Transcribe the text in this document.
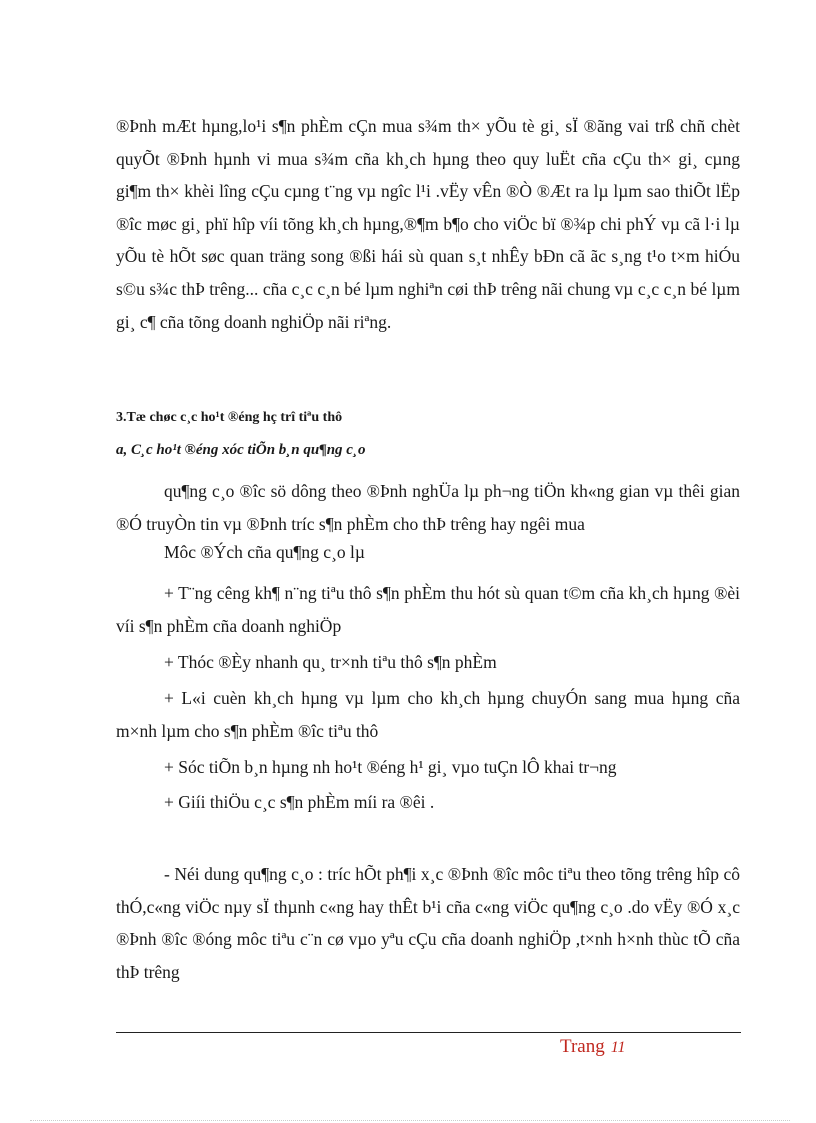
®Þnh mÆt hµng,lo¹i s¶n phÈm cÇn mua s¾m th× yÕu tè gi¸ sÏ ®ãng vai trß chñ chèt quyÕt ®Þnh hµnh vi mua s¾m cña kh¸ch hµng theo quy luËt cña cÇu th× gi¸ cµng gi¶m th× khèi lîng cÇu cµng t¨ng vµ ngîc l¹i .vËy vÊn ®Ò ®Æt ra lµ lµm sao thiÕt lËp ®îc møc gi¸ phï hîp víi tõng kh¸ch hµng,®¶m b¶o cho viÖc bï ®¾p chi phÝ vµ cã l·i lµ yÕu tè hÕt søc quan träng song ®ßi hái sù quan s¸t nhÊy bÐn cã ãc s¸ng t¹o t×m hiÓu s©u s¾c thÞ trêng... cña c¸c c¸n bé lµm nghiªn cøi thÞ trêng nãi chung vµ c¸c c¸n bé lµm gi¸ c¶ cña tõng doanh nghiÖp nãi riªng.

3.Tæ chøc c¸c ho¹t ®éng hç trî tiªu thô
a, C¸c ho¹t ®éng xóc tiÕn b¸n qu¶ng c¸o

qu¶ng c¸o ®îc sö dông theo ®Þnh nghÜa lµ ph¬ng tiÖn kh«ng gian vµ thêi gian ®Ó truyÒn tin vµ ®Þnh tríc s¶n phÈm cho thÞ trêng hay ngêi mua

Môc ®Ých cña qu¶ng c¸o lµ

+ T¨ng cêng kh¶ n¨ng tiªu thô s¶n phÈm thu hót sù quan t©m cña kh¸ch hµng ®èi víi s¶n phÈm cña doanh nghiÖp

+ Thóc ®Èy nhanh qu¸ tr×nh tiªu thô s¶n phÈm

+ L«i cuèn kh¸ch hµng vµ lµm cho kh¸ch hµng chuyÓn sang mua hµng cña m×nh lµm cho s¶n phÈm ®îc tiªu thô

+ Sóc tiÕn b¸n hµng nh ho¹t ®éng h¹ gi¸ vµo tuÇn lÔ khai tr¬ng

+ Giíi thiÖu c¸c s¶n phÈm míi ra ®êi .

- Néi dung qu¶ng c¸o : tríc hÕt ph¶i x¸c ®Þnh ®îc môc tiªu theo tõng trêng hîp cô thÓ,c«ng viÖc nµy sÏ thµnh c«ng hay thÊt b¹i cña c«ng viÖc qu¶ng c¸o .do vËy ®Ó x¸c ®Þnh ®îc ®óng môc tiªu c¨n cø vµo yªu cÇu cña doanh nghiÖp ,t×nh h×nh thùc tÕ cña thÞ trêng

Trang 11
